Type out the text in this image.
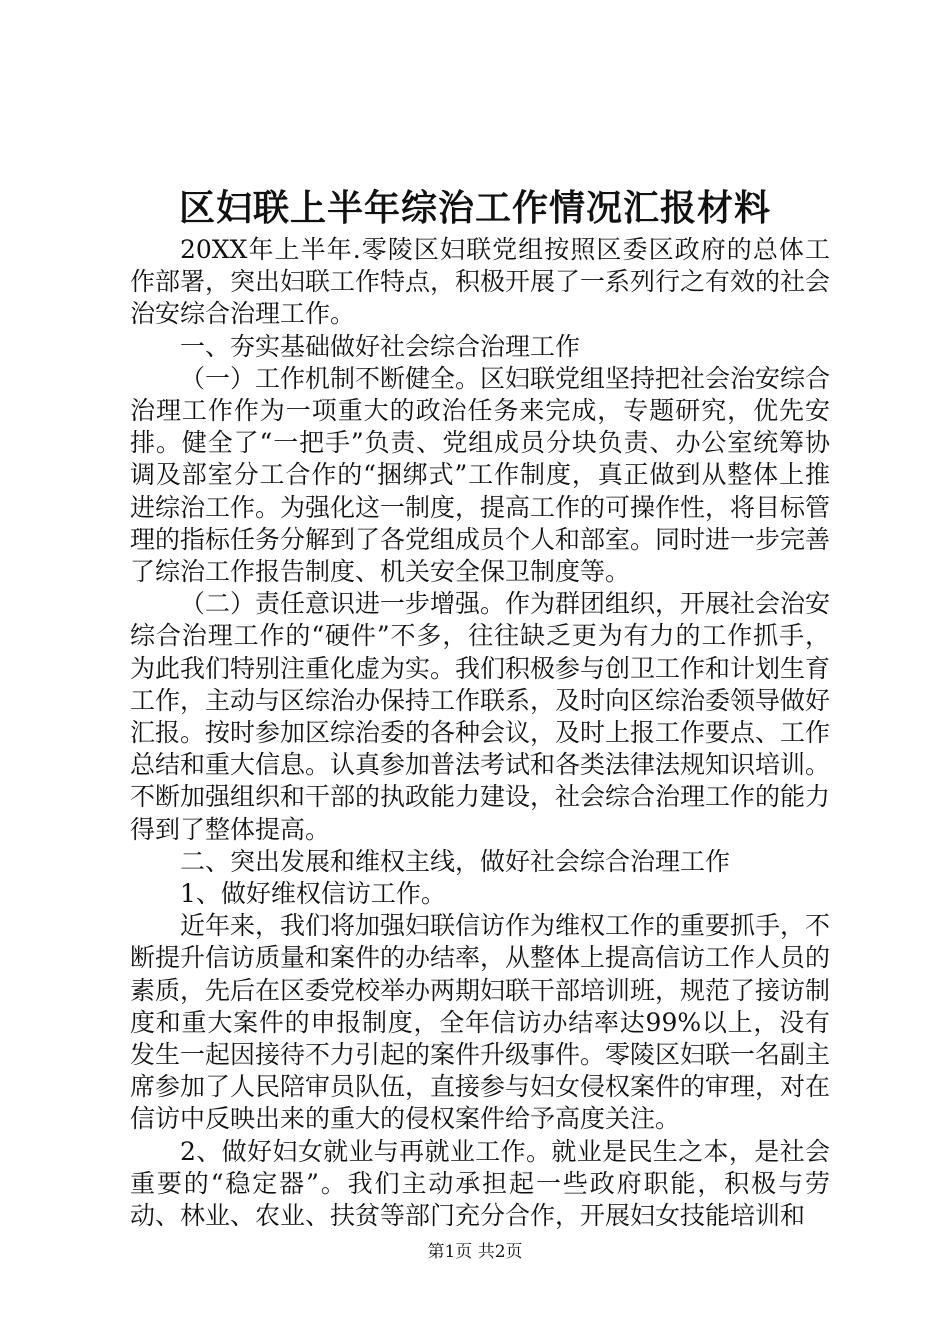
区妇联上半年综治工作情况汇报材料

20XX年上半年.零陵区妇联党组按照区委区政府的总体工作部署，突出妇联工作特点，积极开展了一系列行之有效的社会治安综合治理工作。

一、夯实基础做好社会综合治理工作

（一）工作机制不断健全。区妇联党组坚持把社会治安综合治理工作作为一项重大的政治任务来完成，专题研究，优先安排。健全了“一把手”负责、党组成员分块负责、办公室统筹协调及部室分工合作的“捆绑式”工作制度，真正做到从整体上推进综治工作。为强化这一制度，提高工作的可操作性，将目标管理的指标任务分解到了各党组成员个人和部室。同时进一步完善了综治工作报告制度、机关安全保卫制度等。

（二）责任意识进一步增强。作为群团组织，开展社会治安综合治理工作的“硬件”不多，往往缺乏更为有力的工作抓手，为此我们特别注重化虚为实。我们积极参与创卫工作和计划生育工作，主动与区综治办保持工作联系，及时向区综治委领导做好汇报。按时参加区综治委的各种会议，及时上报工作要点、工作总结和重大信息。认真参加普法考试和各类法律法规知识培训。不断加强组织和干部的执政能力建设，社会综合治理工作的能力得到了整体提高。

二、突出发展和维权主线，做好社会综合治理工作

1、做好维权信访工作。

近年来，我们将加强妇联信访作为维权工作的重要抓手，不断提升信访质量和案件的办结率，从整体上提高信访工作人员的素质，先后在区委党校举办两期妇联干部培训班，规范了接访制度和重大案件的申报制度，全年信访办结率达99%以上，没有发生一起因接待不力引起的案件升级事件。零陵区妇联一名副主席参加了人民陪审员队伍，直接参与妇女侵权案件的审理，对在信访中反映出来的重大的侵权案件给予高度关注。

2、做好妇女就业与再就业工作。就业是民生之本，是社会重要的“稳定器”。我们主动承担起一些政府职能，积极与劳动、林业、农业、扶贫等部门充分合作，开展妇女技能培训和

第1页 共2页
